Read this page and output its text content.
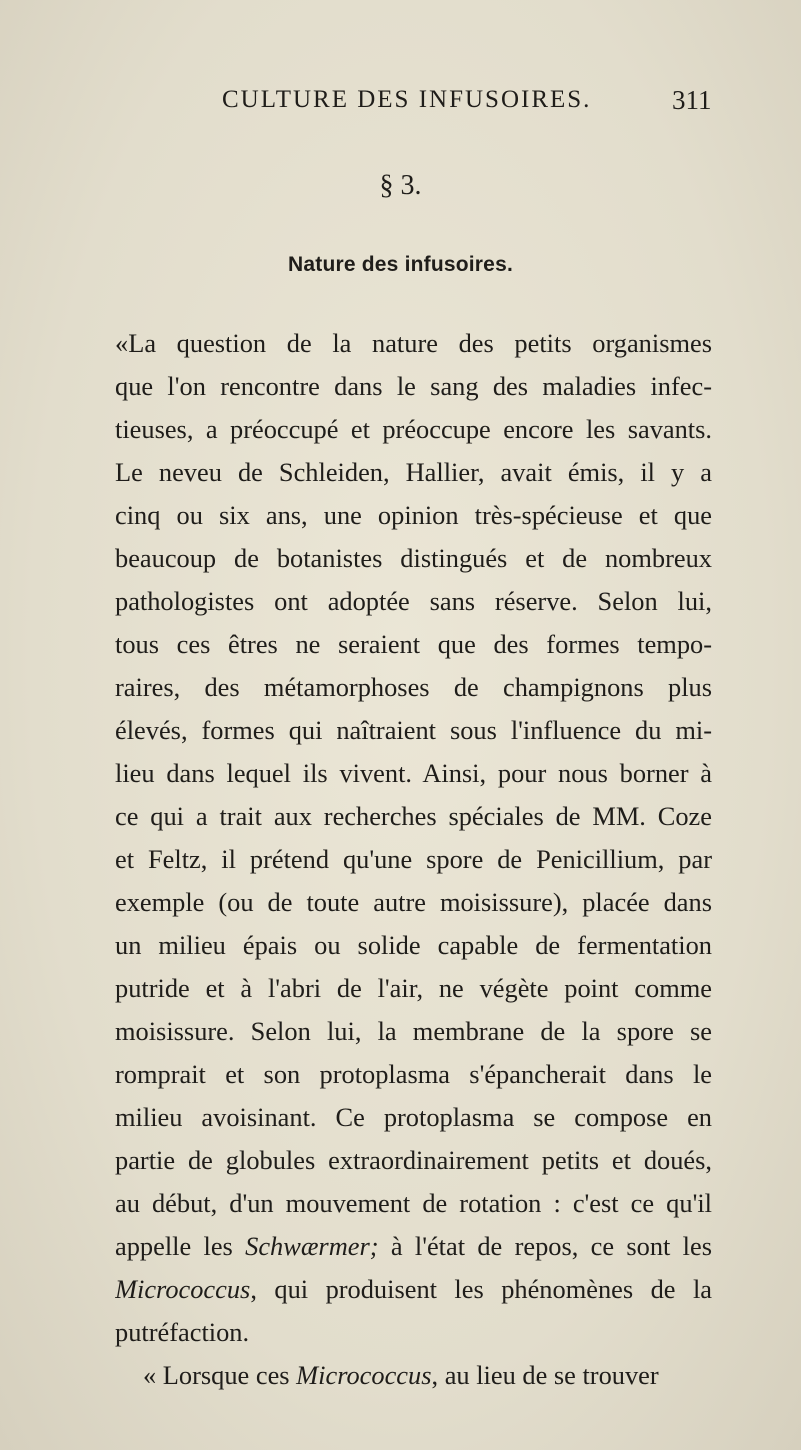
CULTURE DES INFUSOIRES.	311
§ 3.
Nature des infusoires.
«La question de la nature des petits organismes
que l'on rencontre dans le sang des maladies infec-
tieuses, a préoccupé et préoccupe encore les savants.
Le neveu de Schleiden, Hallier, avait émis, il y a
cinq ou six ans, une opinion très-spécieuse et que
beaucoup de botanistes distingués et de nombreux
pathologistes ont adoptée sans réserve. Selon lui,
tous ces êtres ne seraient que des formes tempo-
raires, des métamorphoses de champignons plus
élevés, formes qui naîtraient sous l'influence du mi-
lieu dans lequel ils vivent. Ainsi, pour nous borner à
ce qui a trait aux recherches spéciales de MM. Coze
et Feltz, il prétend qu'une spore de Penicillium, par
exemple (ou de toute autre moisissure), placée dans
un milieu épais ou solide capable de fermentation
putride et à l'abri de l'air, ne végète point comme
moisissure. Selon lui, la membrane de la spore se
romprait et son protoplasma s'épancherait dans le
milieu avoisinant. Ce protoplasma se compose en
partie de globules extraordinairement petits et doués,
au début, d'un mouvement de rotation : c'est ce qu'il
appelle les Schwærmer; à l'état de repos, ce sont les
Micrococcus, qui produisent les phénomènes de la
putréfaction.
« Lorsque ces Micrococcus, au lieu de se trouver
